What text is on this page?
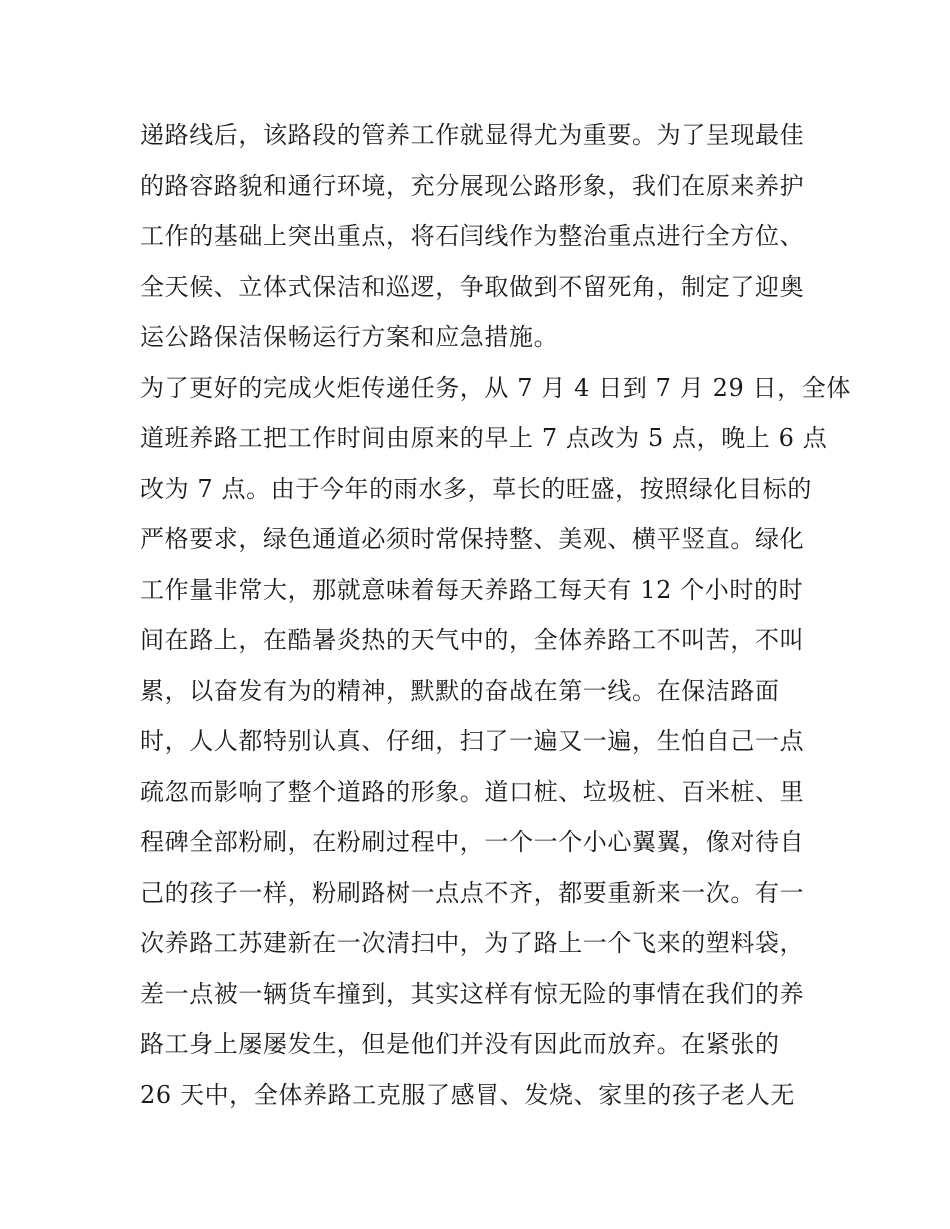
递路线后，该路段的管养工作就显得尤为重要。为了呈现最佳
的路容路貌和通行环境，充分展现公路形象，我们在原来养护
工作的基础上突出重点，将石闫线作为整治重点进行全方位、
全天候、立体式保洁和巡逻，争取做到不留死角，制定了迎奥
运公路保洁保畅运行方案和应急措施。
为了更好的完成火炬传递任务，从 7 月 4 日到 7 月 29 日，全体
道班养路工把工作时间由原来的早上 7 点改为 5 点，晚上 6 点
改为 7 点。由于今年的雨水多，草长的旺盛，按照绿化目标的
严格要求，绿色通道必须时常保持整、美观、横平竖直。绿化
工作量非常大，那就意味着每天养路工每天有 12 个小时的时
间在路上，在酷暑炎热的天气中的，全体养路工不叫苦，不叫
累，以奋发有为的精神，默默的奋战在第一线。在保洁路面
时，人人都特别认真、仔细，扫了一遍又一遍，生怕自己一点
疏忽而影响了整个道路的形象。道口桩、垃圾桩、百米桩、里
程碑全部粉刷，在粉刷过程中，一个一个小心翼翼，像对待自
己的孩子一样，粉刷路树一点点不齐，都要重新来一次。有一
次养路工苏建新在一次清扫中，为了路上一个飞来的塑料袋，
差一点被一辆货车撞到，其实这样有惊无险的事情在我们的养
路工身上屡屡发生，但是他们并没有因此而放弃。在紧张的
26 天中，全体养路工克服了感冒、发烧、家里的孩子老人无
